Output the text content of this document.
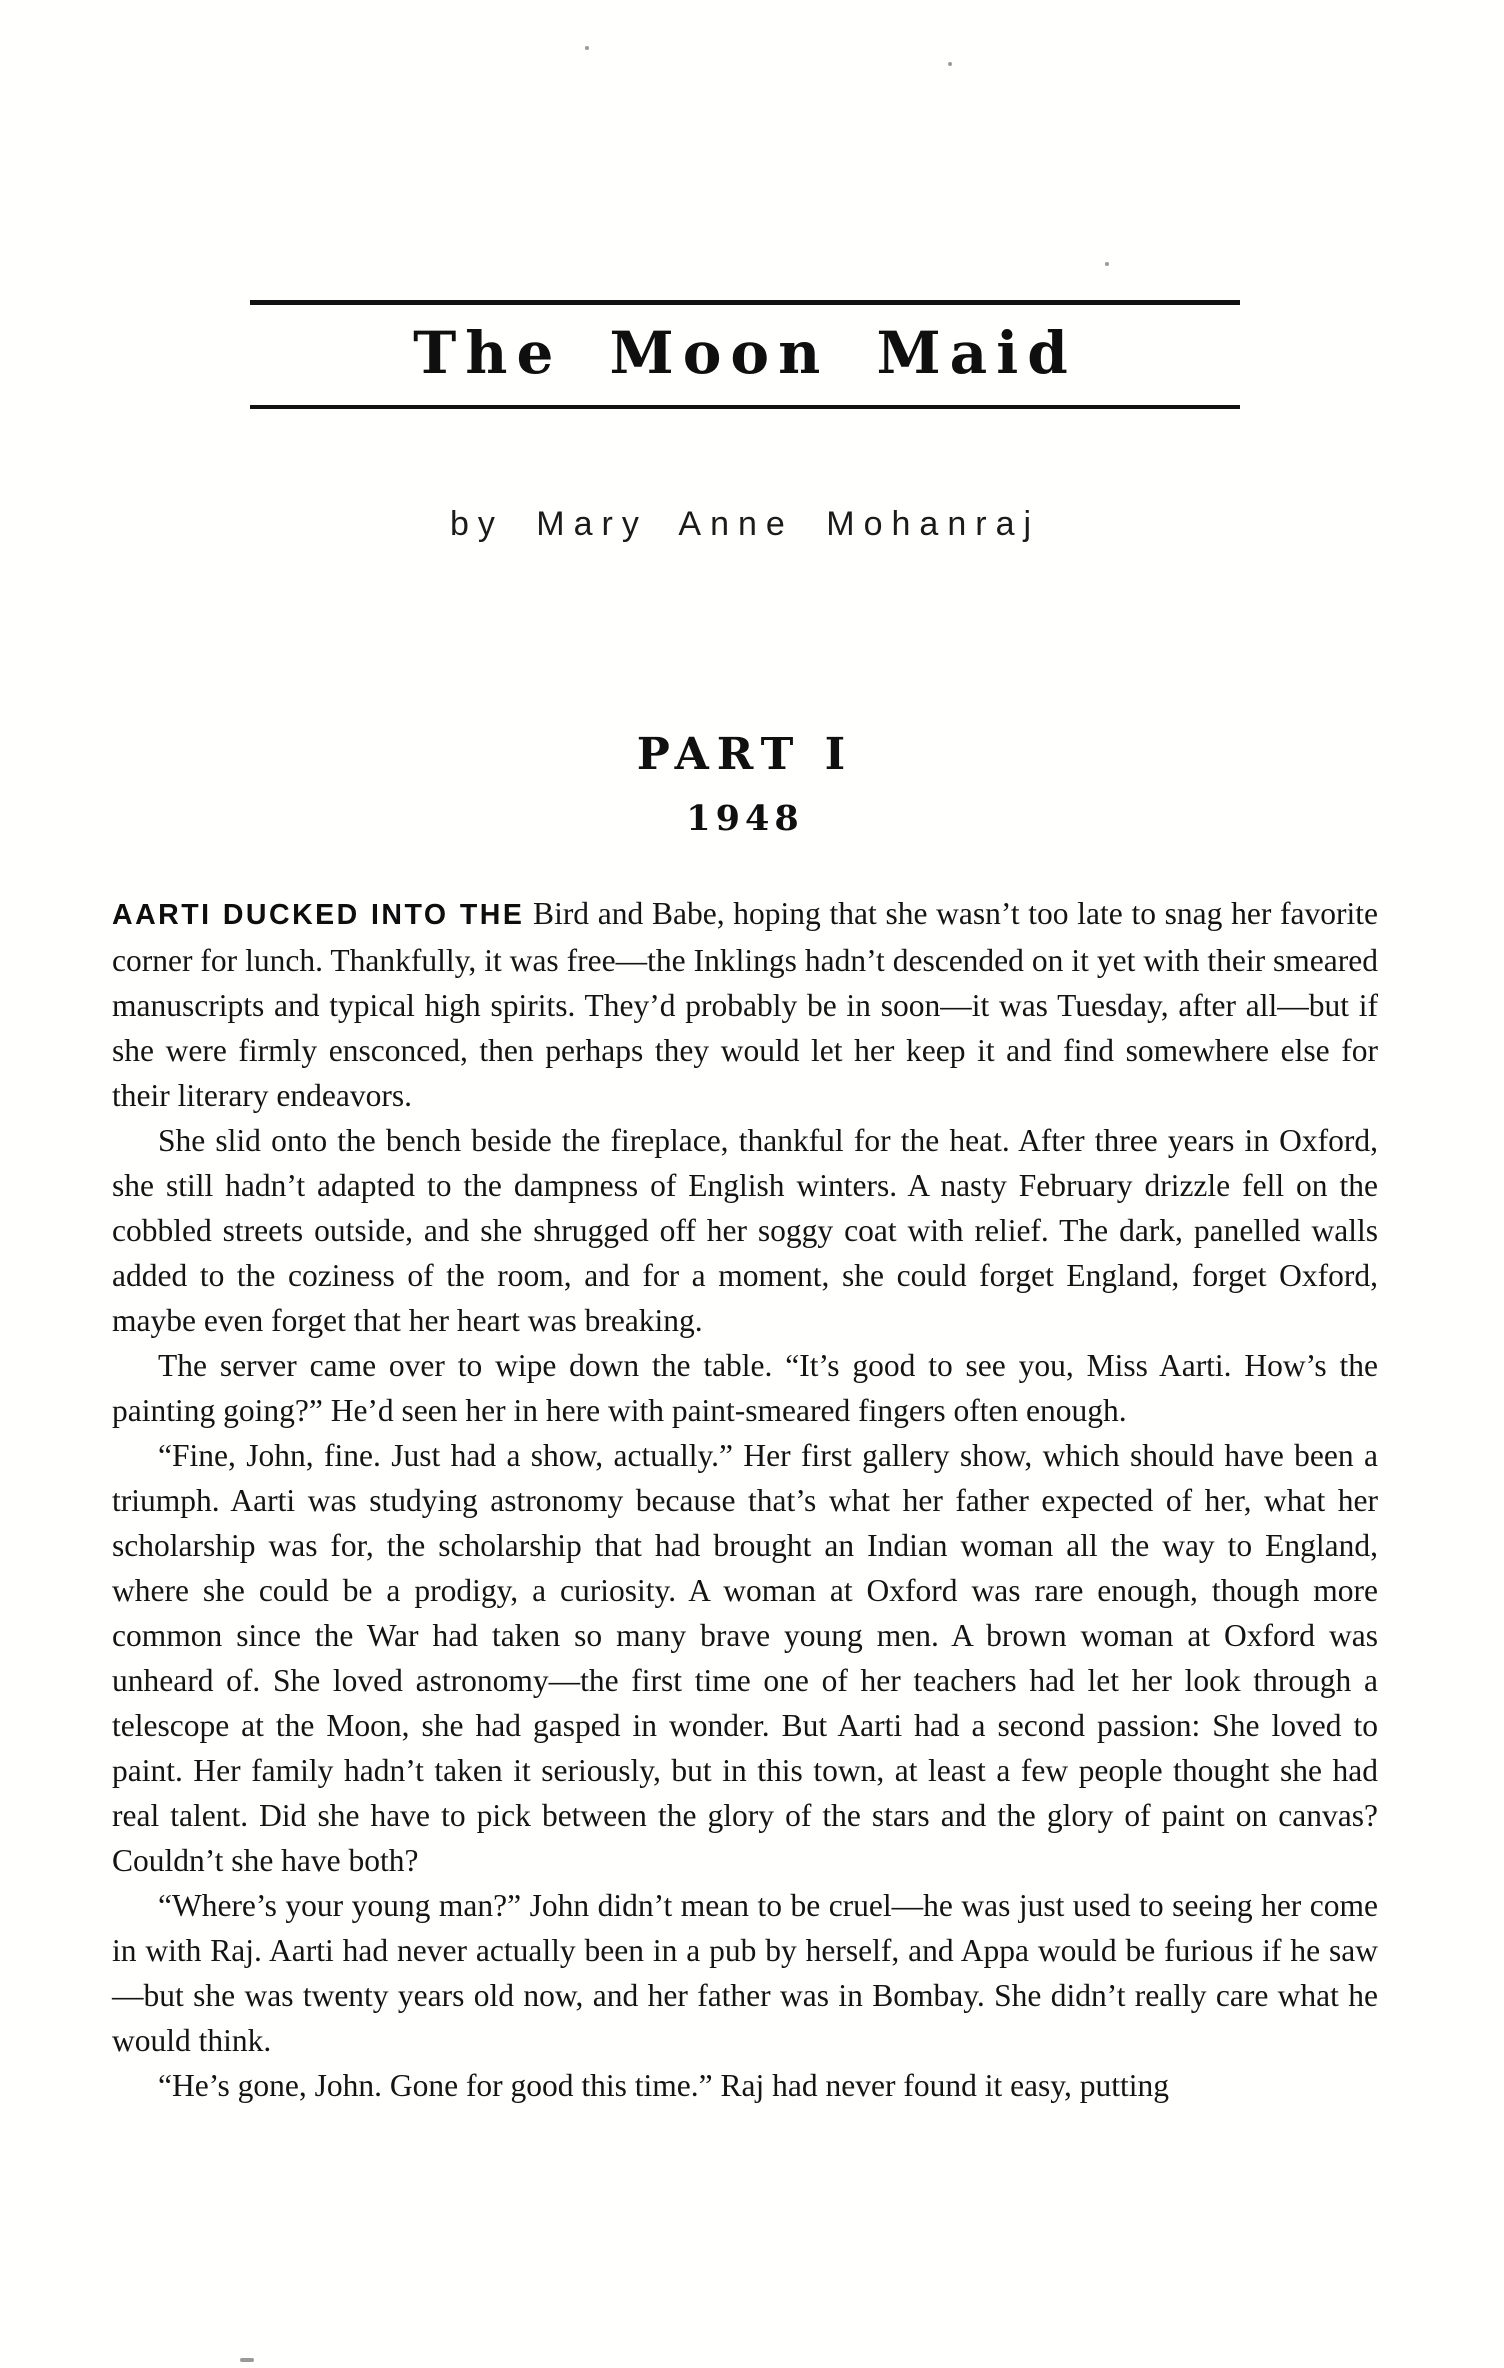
The Moon Maid
by Mary Anne Mohanraj
PART I
1948

AARTI DUCKED INTO THE Bird and Babe, hoping that she wasn’t too late to snag her favorite corner for lunch. Thankfully, it was free—the Inklings hadn’t descended on it yet with their smeared manuscripts and typical high spirits. They’d probably be in soon—it was Tuesday, after all—but if she were firmly ensconced, then perhaps they would let her keep it and find somewhere else for their literary endeavors.

She slid onto the bench beside the fireplace, thankful for the heat. After three years in Oxford, she still hadn’t adapted to the dampness of English winters. A nasty February drizzle fell on the cobbled streets outside, and she shrugged off her soggy coat with relief. The dark, panelled walls added to the coziness of the room, and for a moment, she could forget England, forget Oxford, maybe even forget that her heart was breaking.

The server came over to wipe down the table. “It’s good to see you, Miss Aarti. How’s the painting going?” He’d seen her in here with paint-smeared fingers often enough.

“Fine, John, fine. Just had a show, actually.” Her first gallery show, which should have been a triumph. Aarti was studying astronomy because that’s what her father expected of her, what her scholarship was for, the scholarship that had brought an Indian woman all the way to England, where she could be a prodigy, a curiosity. A woman at Oxford was rare enough, though more common since the War had taken so many brave young men. A brown woman at Oxford was unheard of. She loved astronomy—the first time one of her teachers had let her look through a telescope at the Moon, she had gasped in wonder. But Aarti had a second passion: She loved to paint. Her family hadn’t taken it seriously, but in this town, at least a few people thought she had real talent. Did she have to pick between the glory of the stars and the glory of paint on canvas? Couldn’t she have both?

“Where’s your young man?” John didn’t mean to be cruel—he was just used to seeing her come in with Raj. Aarti had never actually been in a pub by herself, and Appa would be furious if he saw—but she was twenty years old now, and her father was in Bombay. She didn’t really care what he would think.

“He’s gone, John. Gone for good this time.” Raj had never found it easy, putting
